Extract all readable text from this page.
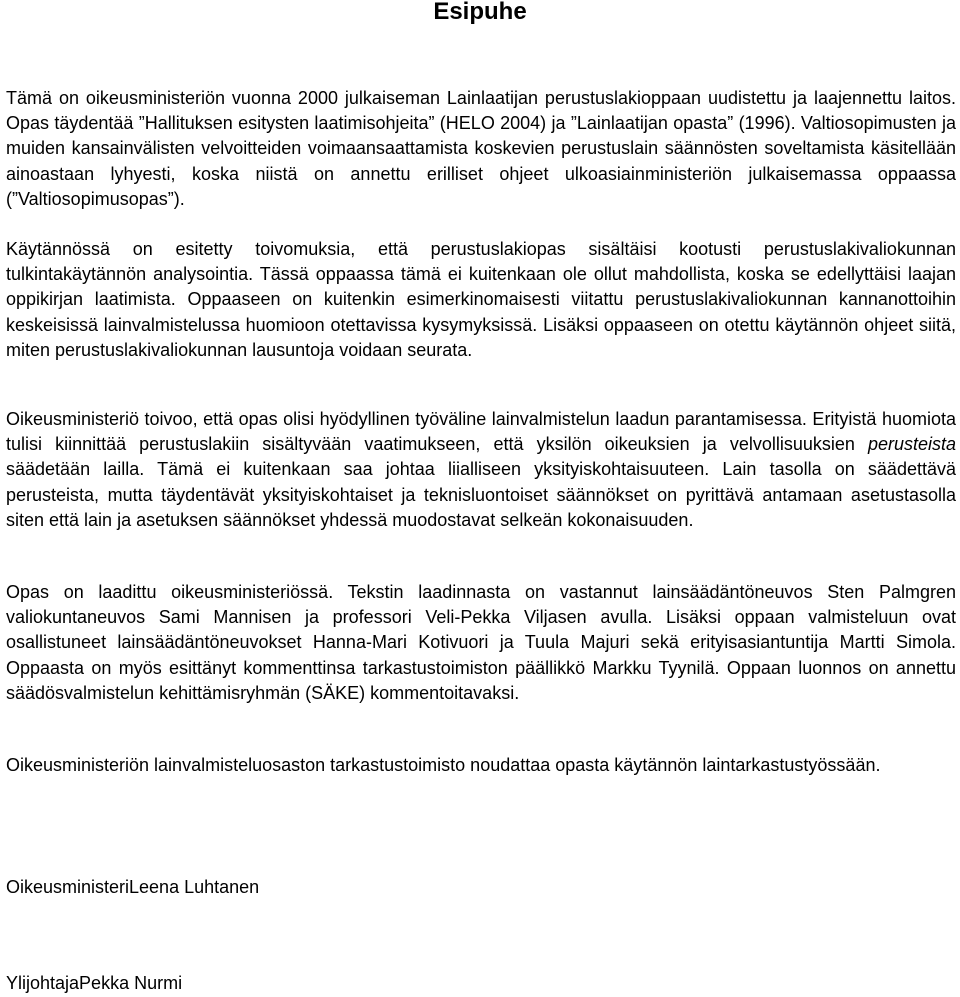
Esipuhe

Tämä on oikeusministeriön vuonna 2000 julkaiseman Lainlaatijan perustuslakioppaan uudistettu ja laajennettu laitos. Opas täydentää ”Hallituksen esitysten laatimisohjeita” (HELO 2004) ja ”Lainlaatijan opasta” (1996). Valtiosopimusten ja muiden kansainvälisten velvoitteiden voimaansaattamista koskevien perustuslain säännösten soveltamista käsitellään ainoastaan lyhyesti, koska niistä on annettu erilliset ohjeet ulkoasiainministeriön julkaisemassa oppaassa (”Valtiosopimusopas”).

Käytännössä on esitetty toivomuksia, että perustuslakiopas sisältäisi kootusti perustuslakivaliokunnan tulkintakäytännön analysointia. Tässä oppaassa tämä ei kuitenkaan ole ollut mahdollista, koska se edellyttäisi laajan oppikirjan laatimista. Oppaaseen on kuitenkin esimerkinomaisesti viitattu perustuslakivaliokunnan kannanottoihin keskeisissä lainvalmistelussa huomioon otettavissa kysymyksissä. Lisäksi oppaaseen on otettu käytännön ohjeet siitä, miten perustuslakivaliokunnan lausuntoja voidaan seurata.

Oikeusministeriö toivoo, että opas olisi hyödyllinen työväline lainvalmistelun laadun parantamisessa. Erityistä huomiota tulisi kiinnittää perustuslakiin sisältyvään vaatimukseen, että yksilön oikeuksien ja velvollisuuksien perusteista säädetään lailla. Tämä ei kuitenkaan saa johtaa liialliseen yksityiskohtaisuuteen. Lain tasolla on säädettävä perusteista, mutta täydentävät yksityiskohtaiset ja teknisluontoiset säännökset on pyrittävä antamaan asetustasolla siten että lain ja asetuksen säännökset yhdessä muodostavat selkeän kokonaisuuden.

Opas on laadittu oikeusministeriössä. Tekstin laadinnasta on vastannut lainsäädäntöneuvos Sten Palmgren valiokuntaneuvos Sami Mannisen ja professori Veli-Pekka Viljasen avulla. Lisäksi oppaan valmisteluun ovat osallistuneet lainsäädäntöneuvokset Hanna-Mari Kotivuori ja Tuula Majuri sekä erityisasiantuntija Martti Simola. Oppaasta on myös esittänyt kommenttinsa tarkastustoimiston päällikkö Markku Tyynilä. Oppaan luonnos on annettu säädösvalmistelun kehittämisryhmän (SÄKE) kommentoitavaksi.

Oikeusministeriön lainvalmisteluosaston tarkastustoimisto noudattaa opasta käytännön laintarkastustyössään.

OikeusministeriLeena Luhtanen
YlijohtajaPekka Nurmi
